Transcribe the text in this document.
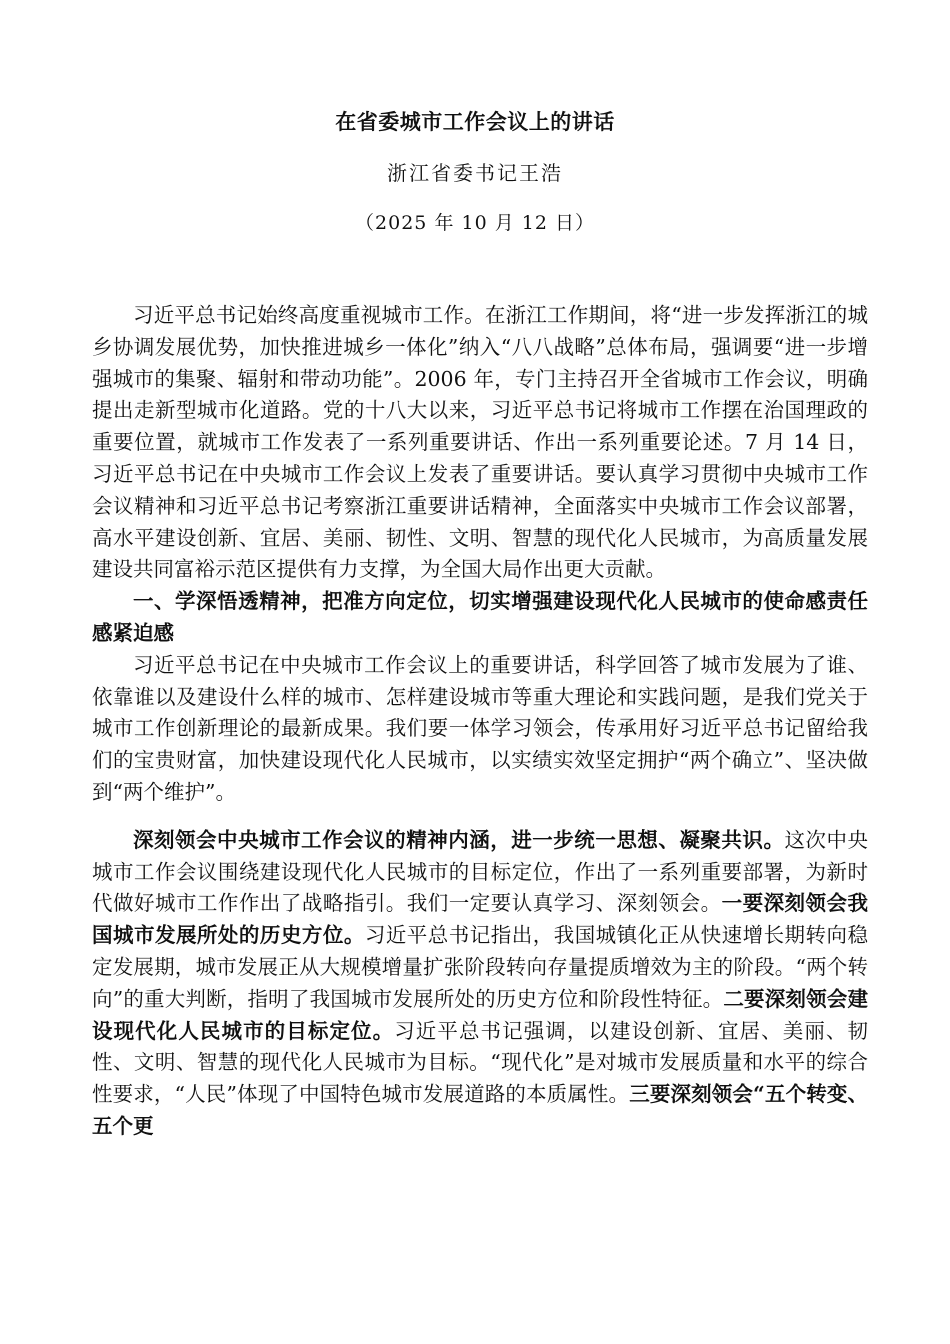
在省委城市工作会议上的讲话
浙江省委书记王浩
（2025 年 10 月 12 日）

习近平总书记始终高度重视城市工作。在浙江工作期间，将“进一步发挥浙江的城乡协调发展优势，加快推进城乡一体化”纳入“八八战略”总体布局，强调要“进一步增强城市的集聚、辐射和带动功能”。2006 年，专门主持召开全省城市工作会议，明确提出走新型城市化道路。党的十八大以来，习近平总书记将城市工作摆在治国理政的重要位置，就城市工作发表了一系列重要讲话、作出一系列重要论述。7 月 14 日，习近平总书记在中央城市工作会议上发表了重要讲话。要认真学习贯彻中央城市工作会议精神和习近平总书记考察浙江重要讲话精神，全面落实中央城市工作会议部署，高水平建设创新、宜居、美丽、韧性、文明、智慧的现代化人民城市，为高质量发展建设共同富裕示范区提供有力支撑，为全国大局作出更大贡献。

一、学深悟透精神，把准方向定位，切实增强建设现代化人民城市的使命感责任感紧迫感

习近平总书记在中央城市工作会议上的重要讲话，科学回答了城市发展为了谁、依靠谁以及建设什么样的城市、怎样建设城市等重大理论和实践问题，是我们党关于城市工作创新理论的最新成果。我们要一体学习领会，传承用好习近平总书记留给我们的宝贵财富，加快建设现代化人民城市，以实绩实效坚定拥护“两个确立”、坚决做到“两个维护”。

深刻领会中央城市工作会议的精神内涵，进一步统一思想、凝聚共识。这次中央城市工作会议围绕建设现代化人民城市的目标定位，作出了一系列重要部署，为新时代做好城市工作作出了战略指引。我们一定要认真学习、深刻领会。一要深刻领会我国城市发展所处的历史方位。习近平总书记指出，我国城镇化正从快速增长期转向稳定发展期，城市发展正从大规模增量扩张阶段转向存量提质增效为主的阶段。“两个转向”的重大判断，指明了我国城市发展所处的历史方位和阶段性特征。二要深刻领会建设现代化人民城市的目标定位。习近平总书记强调，以建设创新、宜居、美丽、韧性、文明、智慧的现代化人民城市为目标。“现代化”是对城市发展质量和水平的综合性要求，“人民”体现了中国特色城市发展道路的本质属性。三要深刻领会“五个转变、五个更
